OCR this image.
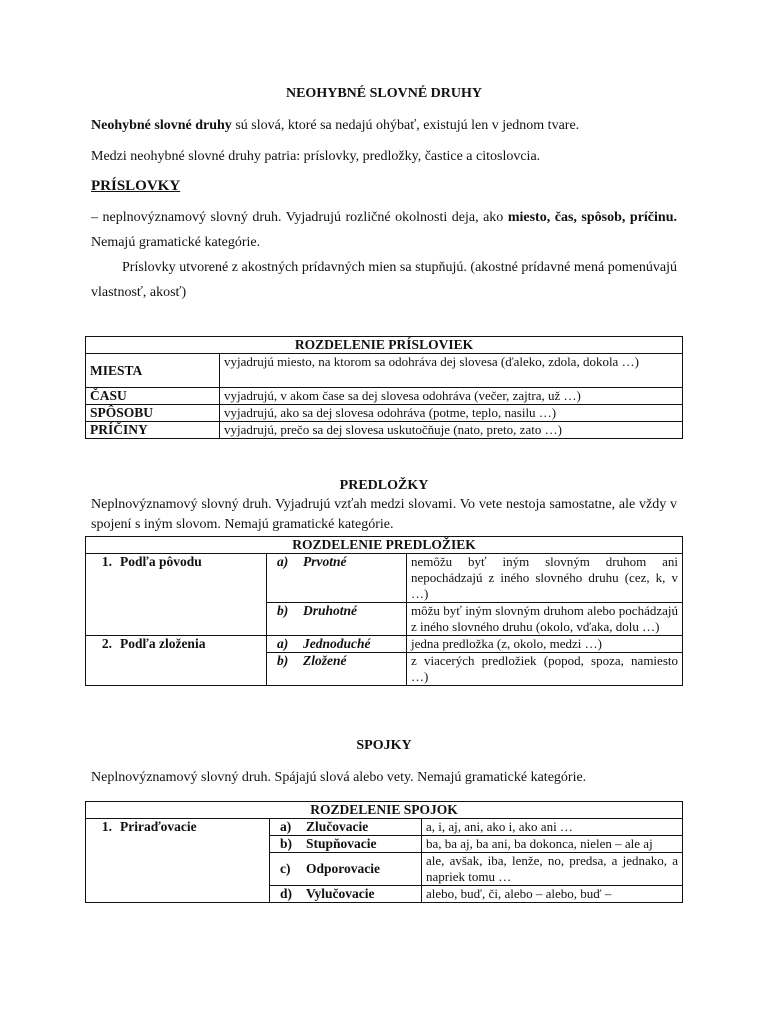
NEOHYBNÉ SLOVNÉ DRUHY
Neohybné slovné druhy sú slová, ktoré sa nedajú ohýbať, existujú len v jednom tvare.
Medzi neohybné slovné druhy patria: príslovky, predložky, častice a citoslovcia.
PRÍSLOVKY
– neplnovýznamový slovný druh. Vyjadrujú rozličné okolnosti deja, ako miesto, čas, spôsob, príčinu. Nemajú gramatické kategórie.
Príslovky utvorené z akostných prídavných mien sa stupňujú. (akostné prídavné mená pomenúvajú vlastnosť, akosť)
ROZDELENIE PRÍSLOVIEK	
MIESTA	vyjadrujú miesto, na ktorom sa odohráva dej slovesa (ďaleko, zdola, dokola …)
ČASU	vyjadrujú, v akom čase sa dej slovesa odohráva (večer, zajtra, už …)
SPÔSOBU	vyjadrujú, ako sa dej slovesa odohráva (potme, teplo, nasilu …)
PRÍČINY	vyjadrujú, prečo sa dej slovesa uskutočňuje (nato, preto, zato …)
PREDLOŽKY
Neplnovýznamový slovný druh. Vyjadrujú vzťah medzi slovami. Vo vete nestoja samostatne, ale vždy v spojení s iným slovom. Nemajú gramatické kategórie.
ROZDELENIE PREDLOŽIEK		
1. Podľa pôvodu	a) Prvotné	nemôžu byť iným slovným druhom ani nepochádzajú z iného slovného druhu (cez, k, v …)
	b) Druhotné	môžu byť iným slovným druhom alebo pochádzajú z iného slovného druhu (okolo, vďaka, dolu …)
2. Podľa zloženia	a) Jednoduché	jedna predložka (z, okolo, medzi …)
	b) Zložené	z viacerých predložiek (popod, spoza, namiesto …)
SPOJKY
Neplnovýznamový slovný druh. Spájajú slová alebo vety. Nemajú gramatické kategórie.
ROZDELENIE SPOJOK		
1. Priraďovacie	a) Zlučovacie	a, i, aj, ani, ako i, ako ani …
	b) Stupňovacie	ba, ba aj, ba ani, ba dokonca, nielen – ale aj
	c) Odporovacie	ale, avšak, iba, lenže, no, predsa, a jednako, a napriek tomu …
	d) Vylučovacie	alebo, buď, či, alebo – alebo, buď –
